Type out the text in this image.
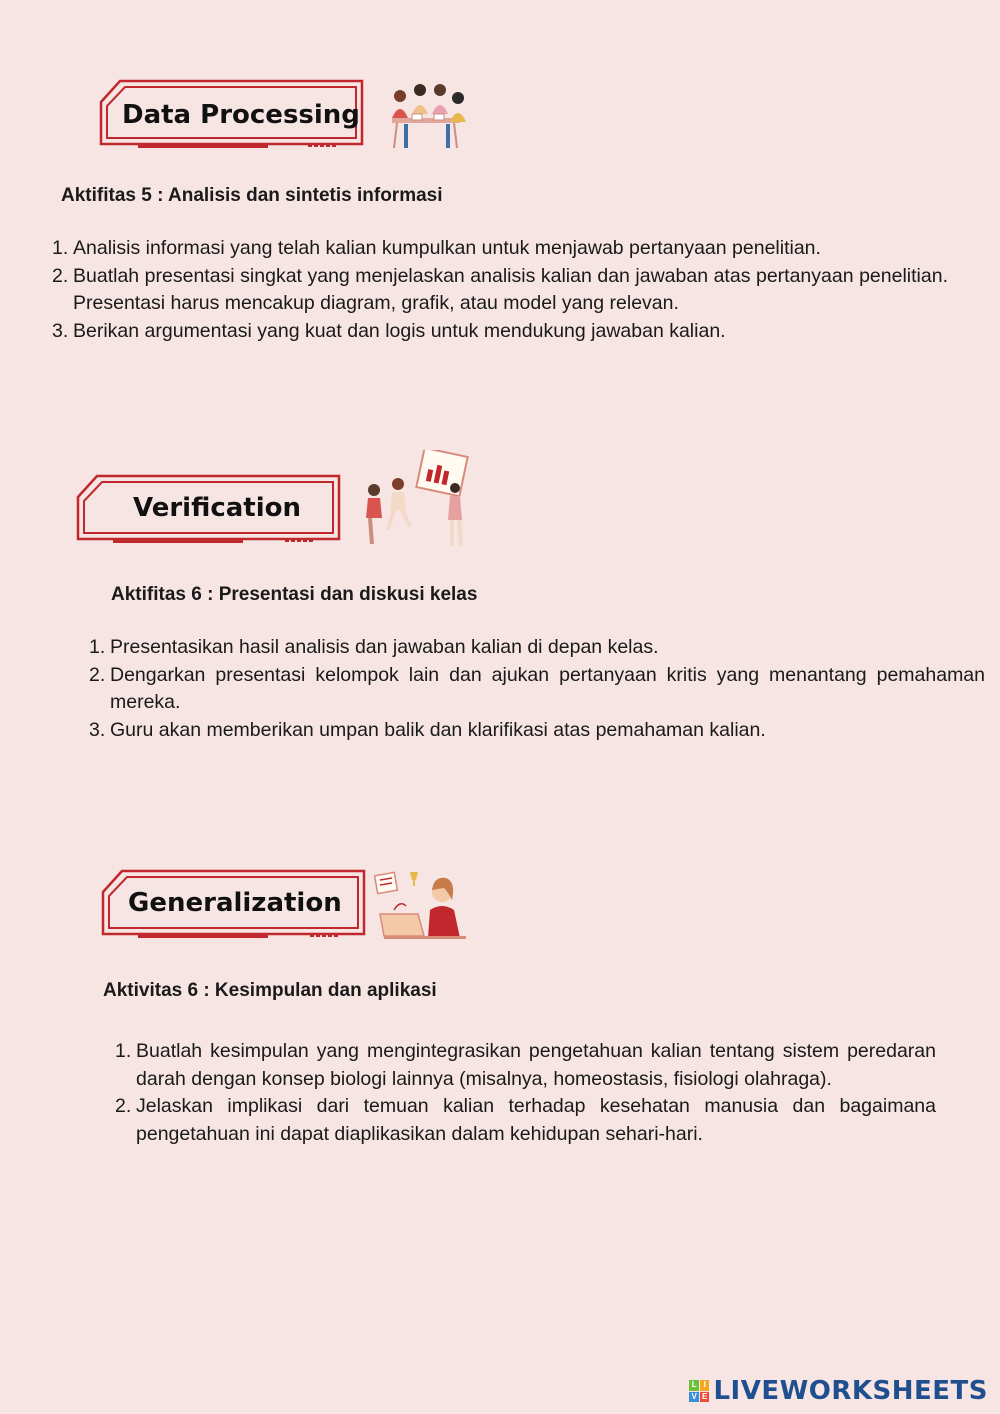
Data Processing
Aktifitas 5 : Analisis dan sintetis informasi
1. Analisis informasi yang telah kalian kumpulkan untuk menjawab pertanyaan penelitian.
2. Buatlah presentasi singkat yang menjelaskan analisis kalian dan jawaban atas pertanyaan penelitian. Presentasi harus mencakup diagram, grafik, atau model yang relevan.
3. Berikan argumentasi yang kuat dan logis untuk mendukung jawaban kalian.
Verification
Aktifitas 6 : Presentasi dan diskusi kelas
1. Presentasikan hasil analisis dan jawaban kalian di depan kelas.
2. Dengarkan presentasi kelompok lain dan ajukan pertanyaan kritis yang menantang pemahaman mereka.
3. Guru akan memberikan umpan balik dan klarifikasi atas pemahaman kalian.
Generalization
Aktivitas 6 : Kesimpulan dan aplikasi
1. Buatlah kesimpulan yang mengintegrasikan pengetahuan kalian tentang sistem peredaran darah dengan konsep biologi lainnya (misalnya, homeostasis, fisiologi olahraga).
2. Jelaskan implikasi dari temuan kalian terhadap kesehatan manusia dan bagaimana pengetahuan ini dapat diaplikasikan dalam kehidupan sehari-hari.
L I
V E LIVEWORKSHEETS
